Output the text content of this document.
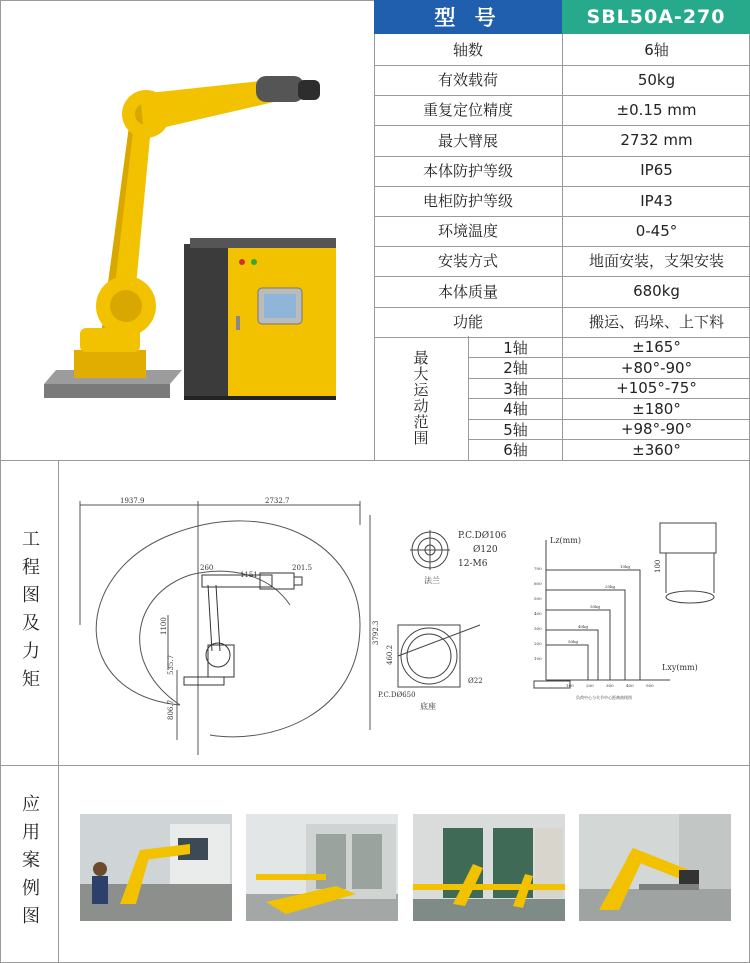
型 号	SBL50A-270
轴数	6轴
有效载荷	50kg
重复定位精度	±0.15 mm
最大臂展	2732 mm
本体防护等级	IP65
电柜防护等级	IP43
环境温度	0-45°
安装方式	地面安装，支架安装
本体质量	680kg
功能	搬运、码垛、上下料
最大运动范围
1轴	±165°
2轴	+80°-90°
3轴	+105°-75°
4轴	±180°
5轴	+98°-90°
6轴	±360°
工程图及力矩
应用案例图
1937.9	2732.7
260
1151
201.5
1100
535.7
3792.3
806.7
P.C.DØ106
Ø120
12-M6
法兰
P.C.DØ650
Ø22
460.2
底座
Lz(mm)
Lxy(mm)
负荷中心与关节中心距离曲线图
100
700
600
500
400
300
200
100
100	200	300	400	500
10kg
20kg
30kg
40kg
50kg
